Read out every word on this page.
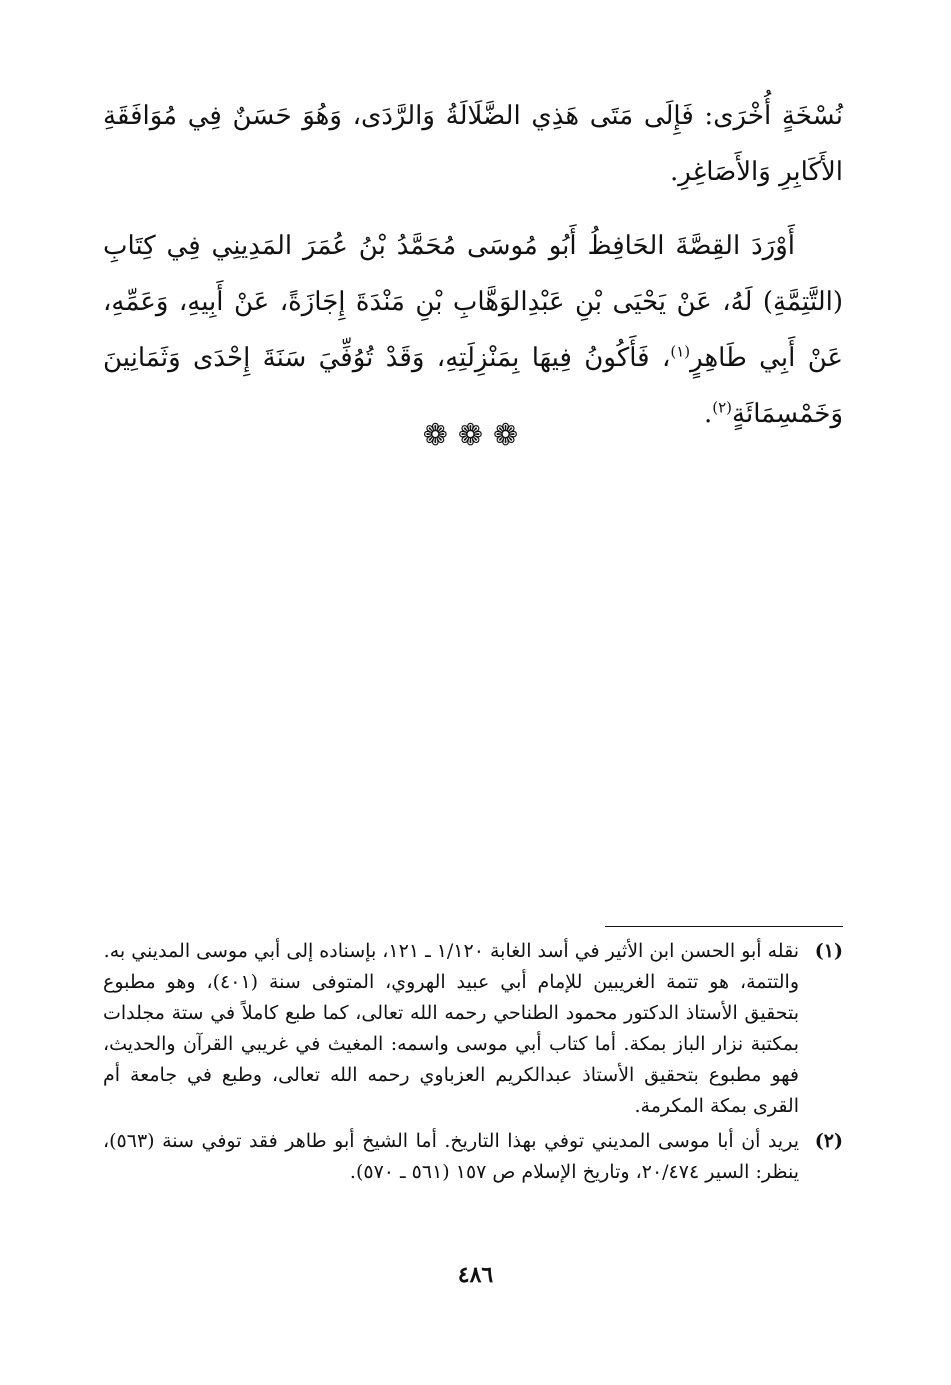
نُسْخَةٍ أُخْرَى: فَإِلَى مَتَى هَذِي الضَّلَالَةُ وَالرَّدَى، وَهُوَ حَسَنٌ فِي مُوَافَقَةِ الأَكَابِرِ وَالأَصَاغِرِ.

أَوْرَدَ القِصَّةَ الحَافِظُ أَبُو مُوسَى مُحَمَّدُ بْنُ عُمَرَ المَدِينِي فِي كِتَابِ (التَّتِمَّةِ) لَهُ، عَنْ يَحْيَى بْنِ عَبْدِالوَهَّابِ بْنِ مَنْدَةَ إِجَازَةً، عَنْ أَبِيهِ، وَعَمِّهِ، عَنْ أَبِي طَاهِرٍ$^{(١)}$، فَأَكُونُ فِيهَا بِمَنْزِلَتِهِ، وَقَدْ تُوُفِّيَ سَنَةَ إِحْدَى وَثَمَانِينَ وَخَمْسِمَائَةٍ$^{(٢)}$.

❁❁❁
(١)

نقله أبو الحسن ابن الأثير في أسد الغابة ١/١٢٠ ـ ١٢١، بإسناده إلى أبي موسى المديني به.

والتتمة، هو تتمة الغريبين للإمام أبي عبيد الهروي، المتوفى سنة (٤٠١)، وهو مطبوع بتحقيق الأستاذ الدكتور محمود الطناحي رحمه الله تعالى، كما طبع كاملاً في ستة مجلدات بمكتبة نزار الباز بمكة. أما كتاب أبي موسى واسمه: المغيث في غريبي القرآن والحديث، فهو مطبوع بتحقيق الأستاذ عبدالكريم العزباوي رحمه الله تعالى، وطبع في جامعة أم القرى بمكة المكرمة.

(٢)

يريد أن أبا موسى المديني توفي بهذا التاريخ. أما الشيخ أبو طاهر فقد توفي سنة (٥٦٣)، ينظر: السير ٢٠/٤٧٤، وتاريخ الإسلام ص ١٥٧ (٥٦١ ـ ٥٧٠).

٤٨٦
